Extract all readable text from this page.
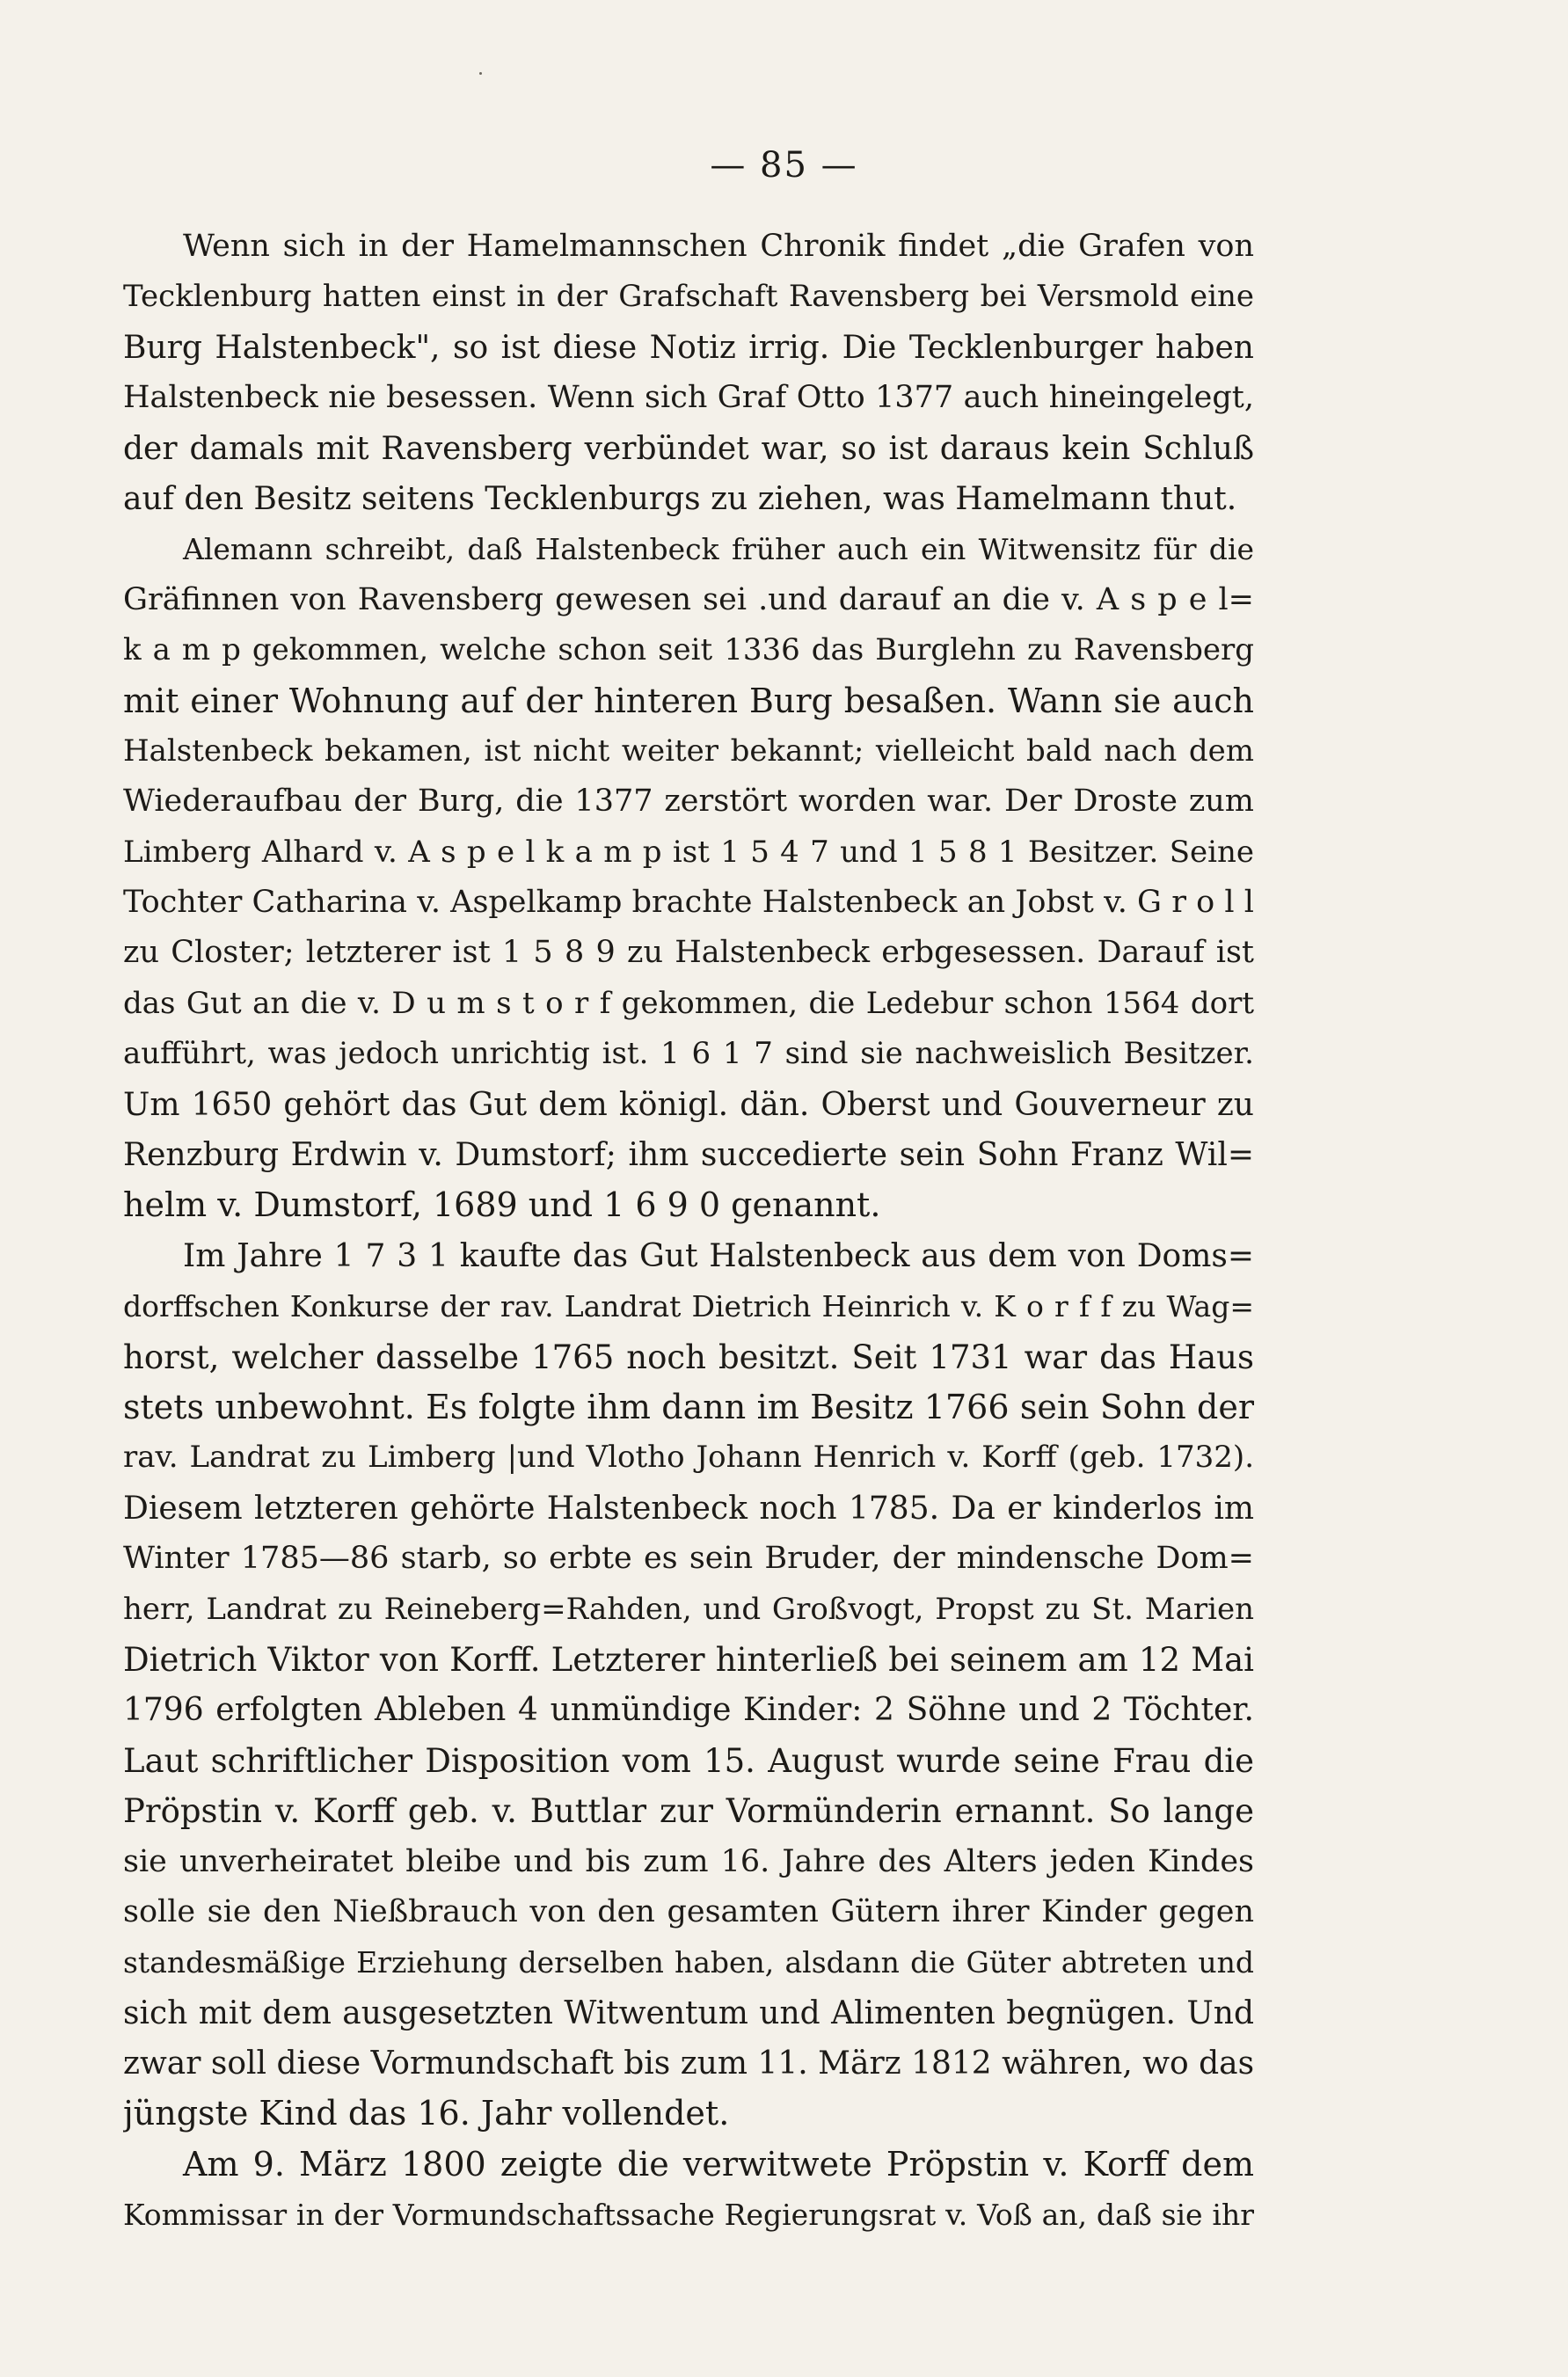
— 85 —
Wenn sich in der Hamelmannschen Chronik findet „die Grafen von
Tecklenburg hatten einst in der Grafschaft Ravensberg bei Versmold eine
Burg Halstenbeck", so ist diese Notiz irrig. Die Tecklenburger haben
Halstenbeck nie besessen. Wenn sich Graf Otto 1377 auch hineingelegt,
der damals mit Ravensberg verbündet war, so ist daraus kein Schluß
auf den Besitz seitens Tecklenburgs zu ziehen, was Hamelmann thut.
Alemann schreibt, daß Halstenbeck früher auch ein Witwensitz für die
Gräfinnen von Ravensberg gewesen sei .und darauf an die v. A s p e l=
k a m p gekommen, welche schon seit 1336 das Burglehn zu Ravensberg
mit einer Wohnung auf der hinteren Burg besaßen. Wann sie auch
Halstenbeck bekamen, ist nicht weiter bekannt; vielleicht bald nach dem
Wiederaufbau der Burg, die 1377 zerstört worden war. Der Droste zum
Limberg Alhard v. A s p e l k a m p ist 1 5 4 7 und 1 5 8 1 Besitzer. Seine
Tochter Catharina v. Aspelkamp brachte Halstenbeck an Jobst v. G r o l l
zu Closter; letzterer ist 1 5 8 9 zu Halstenbeck erbgesessen. Darauf ist
das Gut an die v. D u m s t o r f gekommen, die Ledebur schon 1564 dort
aufführt, was jedoch unrichtig ist. 1 6 1 7 sind sie nachweislich Besitzer.
Um 1650 gehört das Gut dem königl. dän. Oberst und Gouverneur zu
Renzburg Erdwin v. Dumstorf; ihm succedierte sein Sohn Franz Wil=
helm v. Dumstorf, 1689 und 1 6 9 0 genannt.
Im Jahre 1 7 3 1 kaufte das Gut Halstenbeck aus dem von Doms=
dorffschen Konkurse der rav. Landrat Dietrich Heinrich v. K o r f f zu Wag=
horst, welcher dasselbe 1765 noch besitzt. Seit 1731 war das Haus
stets unbewohnt. Es folgte ihm dann im Besitz 1766 sein Sohn der
rav. Landrat zu Limberg |und Vlotho Johann Henrich v. Korff (geb. 1732).
Diesem letzteren gehörte Halstenbeck noch 1785. Da er kinderlos im
Winter 1785—86 starb, so erbte es sein Bruder, der mindensche Dom=
herr, Landrat zu Reineberg=Rahden, und Großvogt, Propst zu St. Marien
Dietrich Viktor von Korff. Letzterer hinterließ bei seinem am 12 Mai
1796 erfolgten Ableben 4 unmündige Kinder: 2 Söhne und 2 Töchter.
Laut schriftlicher Disposition vom 15. August wurde seine Frau die
Pröpstin v. Korff geb. v. Buttlar zur Vormünderin ernannt. So lange
sie unverheiratet bleibe und bis zum 16. Jahre des Alters jeden Kindes
solle sie den Nießbrauch von den gesamten Gütern ihrer Kinder gegen
standesmäßige Erziehung derselben haben, alsdann die Güter abtreten und
sich mit dem ausgesetzten Witwentum und Alimenten begnügen. Und
zwar soll diese Vormundschaft bis zum 11. März 1812 währen, wo das
jüngste Kind das 16. Jahr vollendet.
Am 9. März 1800 zeigte die verwitwete Pröpstin v. Korff dem
Kommissar in der Vormundschaftssache Regierungsrat v. Voß an, daß sie ihr
